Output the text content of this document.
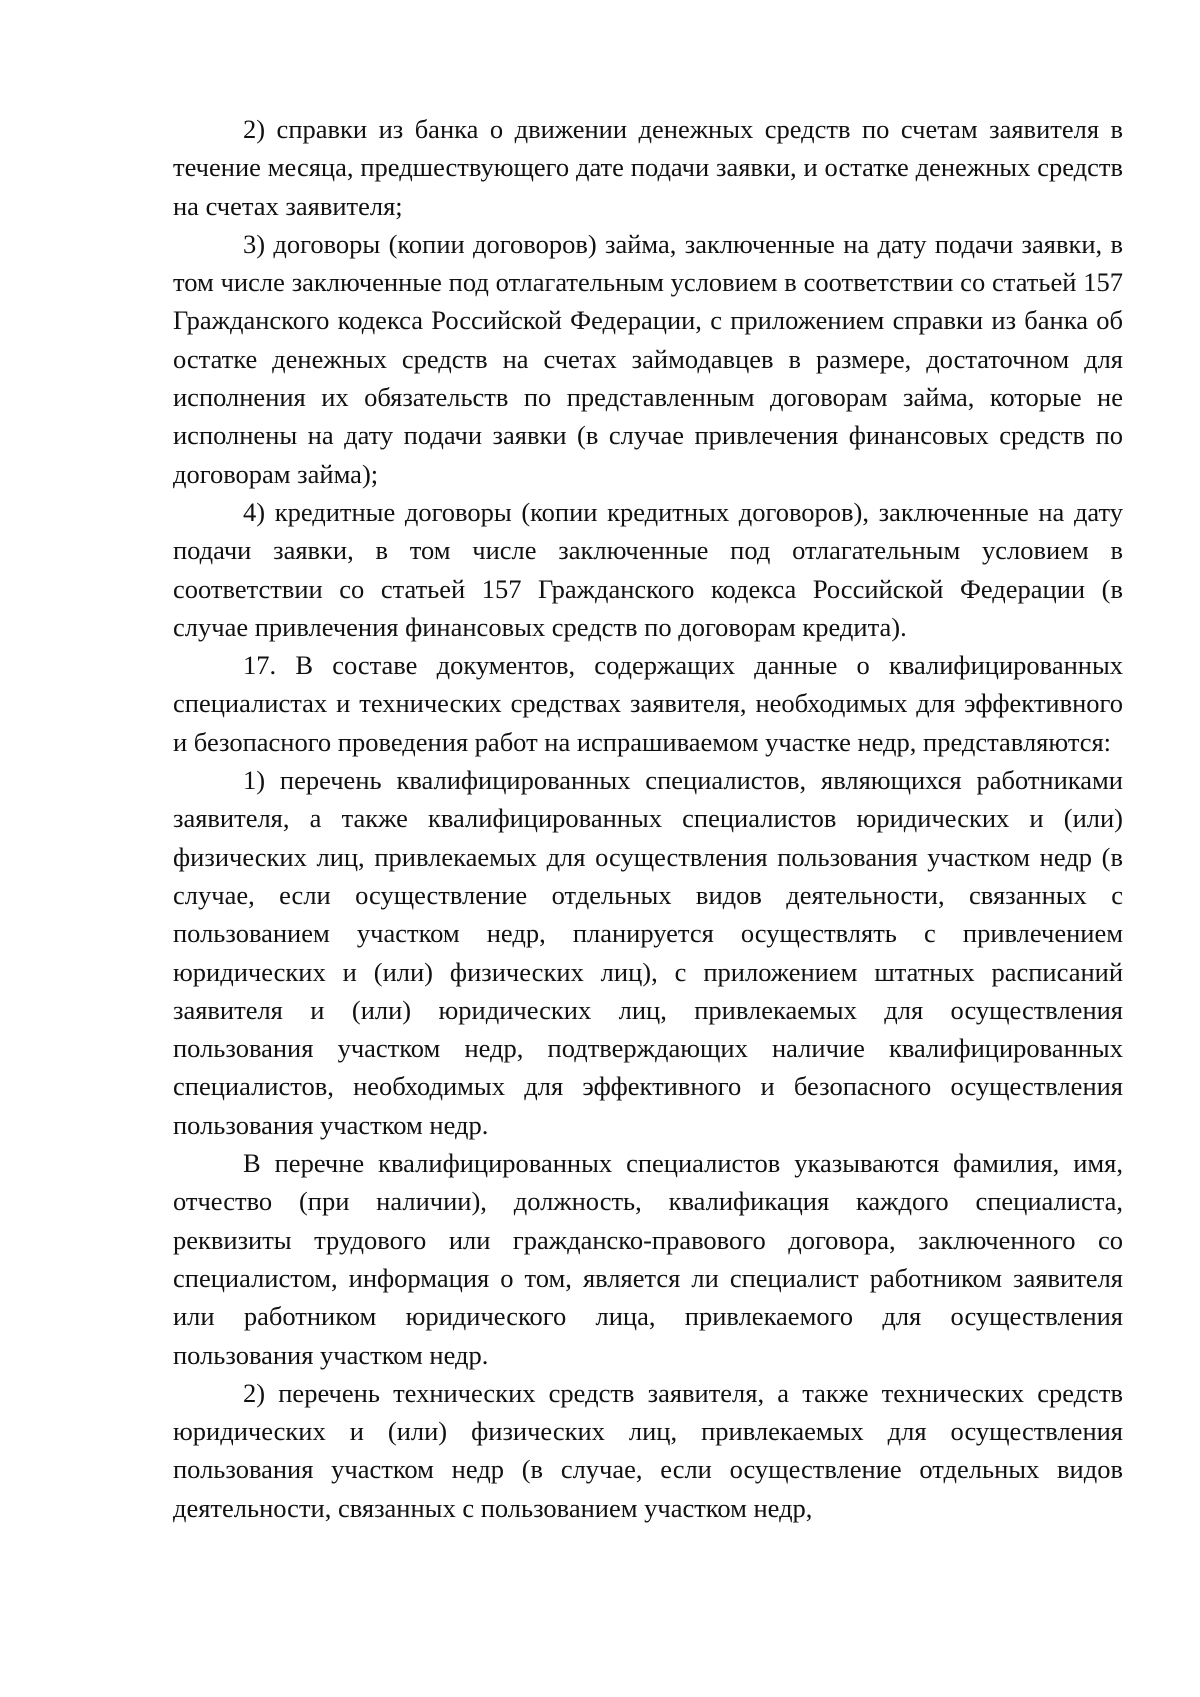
2) справки из банка о движении денежных средств по счетам заявителя в течение месяца, предшествующего дате подачи заявки, и остатке денежных средств на счетах заявителя;

3) договоры (копии договоров) займа, заключенные на дату подачи заявки, в том числе заключенные под отлагательным условием в соответствии со статьей 157 Гражданского кодекса Российской Федерации, с приложением справки из банка об остатке денежных средств на счетах займодавцев в размере, достаточном для исполнения их обязательств по представленным договорам займа, которые не исполнены на дату подачи заявки (в случае привлечения финансовых средств по договорам займа);

4) кредитные договоры (копии кредитных договоров), заключенные на дату подачи заявки, в том числе заключенные под отлагательным условием в соответствии со статьей 157 Гражданского кодекса Российской Федерации (в случае привлечения финансовых средств по договорам кредита).

17. В составе документов, содержащих данные о квалифицированных специалистах и технических средствах заявителя, необходимых для эффективного и безопасного проведения работ на испрашиваемом участке недр, представляются:

1) перечень квалифицированных специалистов, являющихся работниками заявителя, а также квалифицированных специалистов юридических и (или) физических лиц, привлекаемых для осуществления пользования участком недр (в случае, если осуществление отдельных видов деятельности, связанных с пользованием участком недр, планируется осуществлять с привлечением юридических и (или) физических лиц), с приложением штатных расписаний заявителя и (или) юридических лиц, привлекаемых для осуществления пользования участком недр, подтверждающих наличие квалифицированных специалистов, необходимых для эффективного и безопасного осуществления пользования участком недр.

В перечне квалифицированных специалистов указываются фамилия, имя, отчество (при наличии), должность, квалификация каждого специалиста, реквизиты трудового или гражданско-правового договора, заключенного со специалистом, информация о том, является ли специалист работником заявителя или работником юридического лица, привлекаемого для осуществления пользования участком недр.

2) перечень технических средств заявителя, а также технических средств юридических и (или) физических лиц, привлекаемых для осуществления пользования участком недр (в случае, если осуществление отдельных видов деятельности, связанных с пользованием участком недр,
